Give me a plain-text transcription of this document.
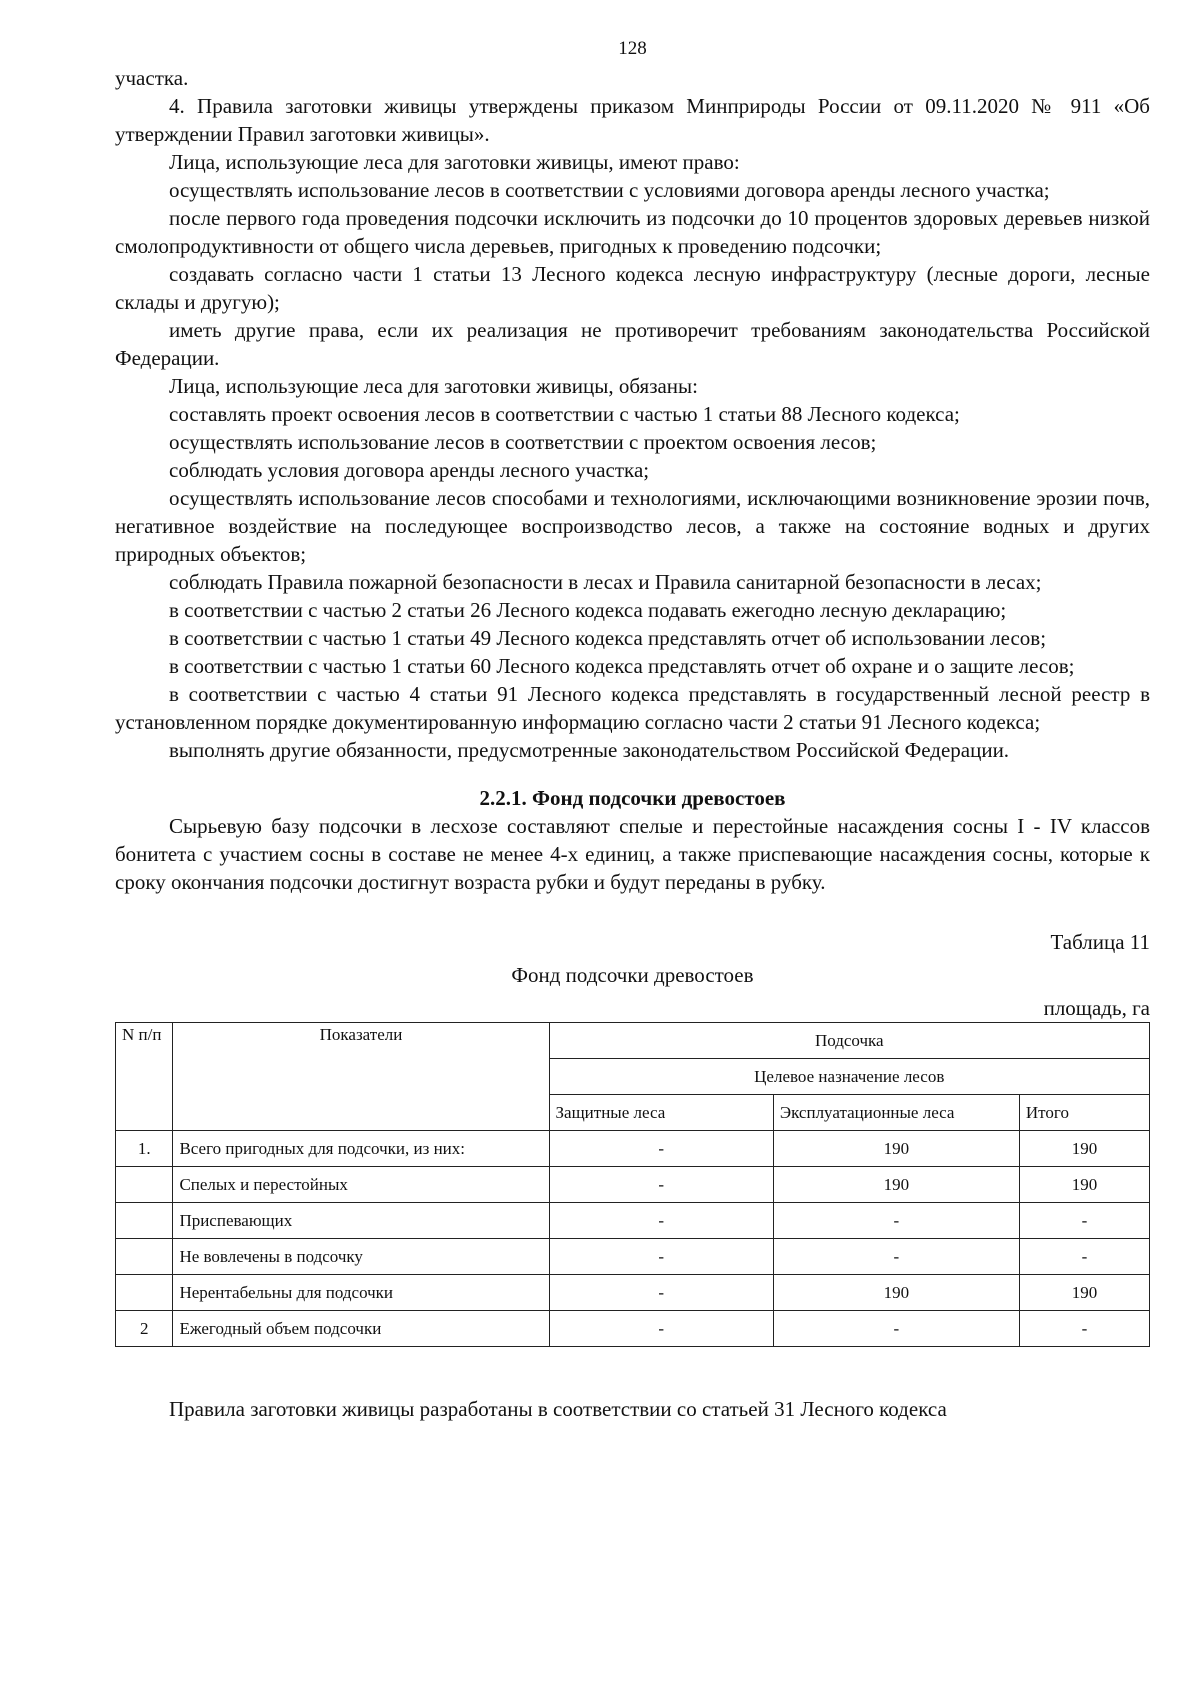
128

участка.

4. Правила заготовки живицы утверждены приказом Минприроды России от 09.11.2020 № 911 «Об утверждении Правил заготовки живицы».

Лица, использующие леса для заготовки живицы, имеют право:

осуществлять использование лесов в соответствии с условиями договора аренды лесного участка;

после первого года проведения подсочки исключить из подсочки до 10 процентов здоровых деревьев низкой смолопродуктивности от общего числа деревьев, пригодных к проведению подсочки;

создавать согласно части 1 статьи 13 Лесного кодекса лесную инфраструктуру (лесные дороги, лесные склады и другую);

иметь другие права, если их реализация не противоречит требованиям законодательства Российской Федерации.

Лица, использующие леса для заготовки живицы, обязаны:

составлять проект освоения лесов в соответствии с частью 1 статьи 88 Лесного кодекса;

осуществлять использование лесов в соответствии с проектом освоения лесов;

соблюдать условия договора аренды лесного участка;

осуществлять использование лесов способами и технологиями, исключающими возникновение эрозии почв, негативное воздействие на последующее воспроизводство лесов, а также на состояние водных и других природных объектов;

соблюдать Правила пожарной безопасности в лесах и Правила санитарной безопасности в лесах;

в соответствии с частью 2 статьи 26 Лесного кодекса подавать ежегодно лесную декларацию;

в соответствии с частью 1 статьи 49 Лесного кодекса представлять отчет об использовании лесов;

в соответствии с частью 1 статьи 60 Лесного кодекса представлять отчет об охране и о защите лесов;

в соответствии с частью 4 статьи 91 Лесного кодекса представлять в государственный лесной реестр в установленном порядке документированную информацию согласно части 2 статьи 91 Лесного кодекса;

выполнять другие обязанности, предусмотренные законодательством Российской Федерации.

2.2.1. Фонд подсочки древостоев

Сырьевую базу подсочки в лесхозе составляют спелые и перестойные насаждения сосны I - IV классов бонитета с участием сосны в составе не менее 4-х единиц, а также приспевающие насаждения сосны, которые к сроку окончания подсочки достигнут возраста рубки и будут переданы в рубку.

Таблица 11
Фонд подсочки древостоев
площадь, га
N п/п	Показатели	Подсочка		
		Целевое назначение лесов		
		Защитные леса	Эксплуатационные леса	Итого
1.	Всего пригодных для подсочки, из них:	-	190	190
	Спелых и перестойных	-	190	190
	Приспевающих	-	-	-
	Не вовлечены в подсочку	-	-	-
	Нерентабельны для подсочки	-	190	190
2	Ежегодный объем подсочки	-	-	-

Правила заготовки живицы разработаны в соответствии со статьей 31 Лесного кодекса
